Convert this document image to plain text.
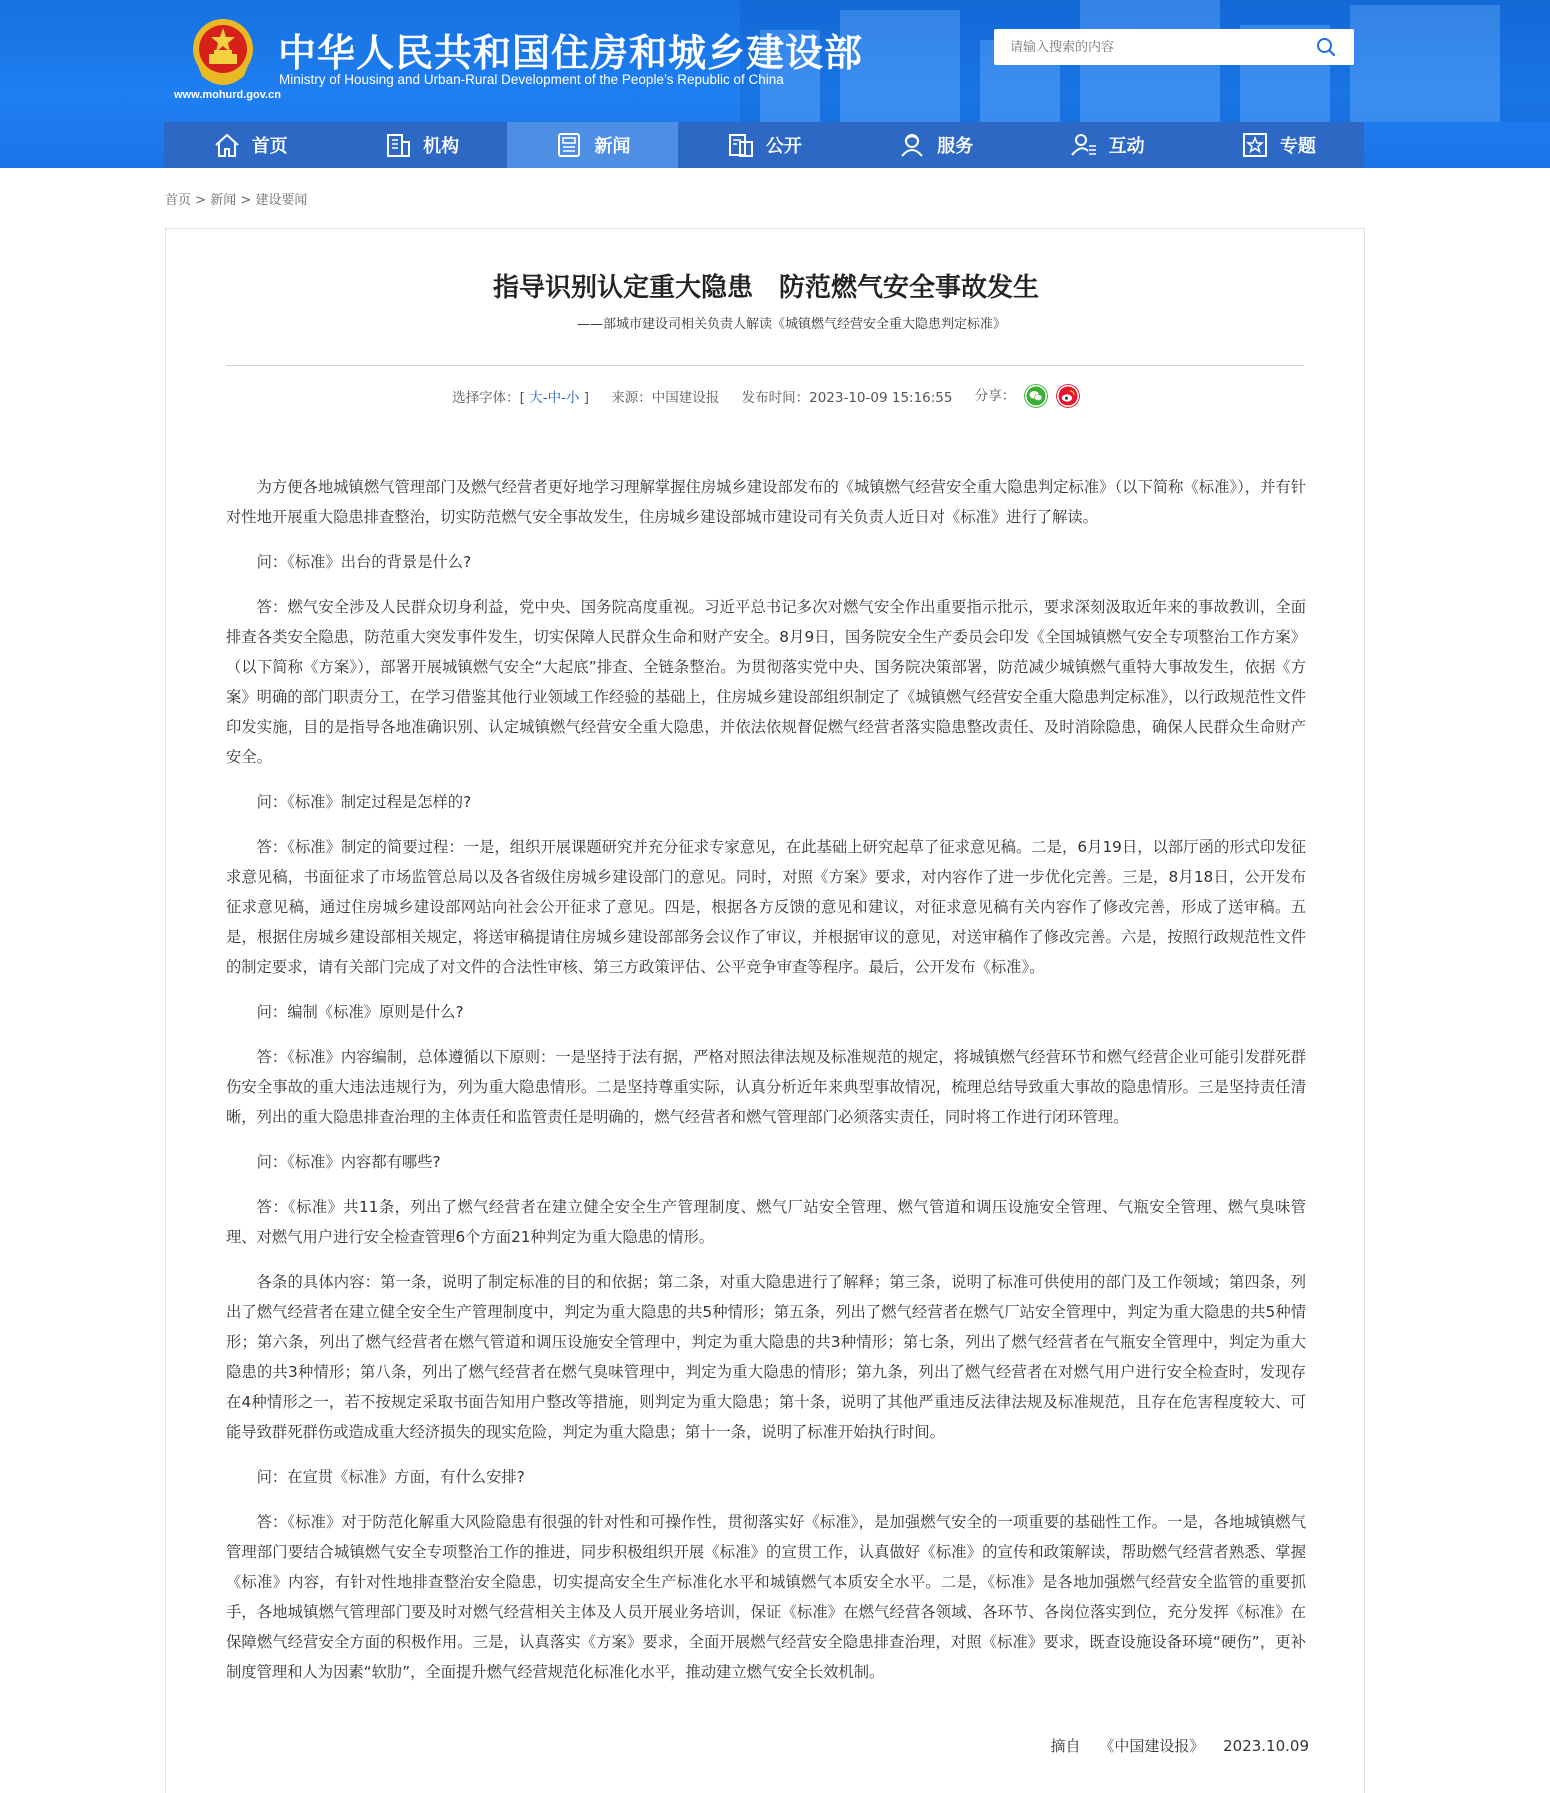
www.mohurd.gov.cn
中华人民共和国住房和城乡建设部
Ministry of Housing and Urban-Rural Development of the People’s Republic of China
请输入搜索的内容
首页	机构	新闻	公开	服务	互动	专题
首页 > 新闻 > 建设要闻
指导识别认定重大隐患　防范燃气安全事故发生
——部城市建设司相关负责人解读《城镇燃气经营安全重大隐患判定标准》
选择字体：[ 大-中-小 ] 来源：中国建设报 发布时间：2023-10-09 15:16:55 分享：

为方便各地城镇燃气管理部门及燃气经营者更好地学习理解掌握住房城乡建设部发布的《城镇燃气经营安全重大隐患判定标准》（以下简称《标准》），并有针对性地开展重大隐患排查整治，切实防范燃气安全事故发生，住房城乡建设部城市建设司有关负责人近日对《标准》进行了解读。

问：《标准》出台的背景是什么?

答：燃气安全涉及人民群众切身利益，党中央、国务院高度重视。习近平总书记多次对燃气安全作出重要指示批示，要求深刻汲取近年来的事故教训，全面排查各类安全隐患，防范重大突发事件发生，切实保障人民群众生命和财产安全。8月9日，国务院安全生产委员会印发《全国城镇燃气安全专项整治工作方案》（以下简称《方案》），部署开展城镇燃气安全“大起底”排查、全链条整治。为贯彻落实党中央、国务院决策部署，防范减少城镇燃气重特大事故发生，依据《方案》明确的部门职责分工，在学习借鉴其他行业领域工作经验的基础上，住房城乡建设部组织制定了《城镇燃气经营安全重大隐患判定标准》，以行政规范性文件印发实施，目的是指导各地准确识别、认定城镇燃气经营安全重大隐患，并依法依规督促燃气经营者落实隐患整改责任、及时消除隐患，确保人民群众生命财产安全。

问：《标准》制定过程是怎样的?

答：《标准》制定的简要过程：一是，组织开展课题研究并充分征求专家意见，在此基础上研究起草了征求意见稿。二是，6月19日，以部厅函的形式印发征求意见稿，书面征求了市场监管总局以及各省级住房城乡建设部门的意见。同时，对照《方案》要求，对内容作了进一步优化完善。三是，8月18日，公开发布征求意见稿，通过住房城乡建设部网站向社会公开征求了意见。四是，根据各方反馈的意见和建议，对征求意见稿有关内容作了修改完善，形成了送审稿。五是，根据住房城乡建设部相关规定，将送审稿提请住房城乡建设部部务会议作了审议，并根据审议的意见，对送审稿作了修改完善。六是，按照行政规范性文件的制定要求，请有关部门完成了对文件的合法性审核、第三方政策评估、公平竞争审查等程序。最后，公开发布《标准》。

问：编制《标准》原则是什么?

答：《标准》内容编制，总体遵循以下原则：一是坚持于法有据，严格对照法律法规及标准规范的规定，将城镇燃气经营环节和燃气经营企业可能引发群死群伤安全事故的重大违法违规行为，列为重大隐患情形。二是坚持尊重实际，认真分析近年来典型事故情况，梳理总结导致重大事故的隐患情形。三是坚持责任清晰，列出的重大隐患排查治理的主体责任和监管责任是明确的，燃气经营者和燃气管理部门必须落实责任，同时将工作进行闭环管理。

问：《标准》内容都有哪些?

答：《标准》共11条，列出了燃气经营者在建立健全安全生产管理制度、燃气厂站安全管理、燃气管道和调压设施安全管理、气瓶安全管理、燃气臭味管理、对燃气用户进行安全检查管理6个方面21种判定为重大隐患的情形。

各条的具体内容：第一条，说明了制定标准的目的和依据；第二条，对重大隐患进行了解释；第三条，说明了标准可供使用的部门及工作领域；第四条，列出了燃气经营者在建立健全安全生产管理制度中，判定为重大隐患的共5种情形；第五条，列出了燃气经营者在燃气厂站安全管理中，判定为重大隐患的共5种情形；第六条，列出了燃气经营者在燃气管道和调压设施安全管理中，判定为重大隐患的共3种情形；第七条，列出了燃气经营者在气瓶安全管理中，判定为重大隐患的共3种情形；第八条，列出了燃气经营者在燃气臭味管理中，判定为重大隐患的情形；第九条，列出了燃气经营者在对燃气用户进行安全检查时，发现存在4种情形之一，若不按规定采取书面告知用户整改等措施，则判定为重大隐患；第十条，说明了其他严重违反法律法规及标准规范，且存在危害程度较大、可能导致群死群伤或造成重大经济损失的现实危险，判定为重大隐患；第十一条，说明了标准开始执行时间。

问：在宣贯《标准》方面，有什么安排?

答：《标准》对于防范化解重大风险隐患有很强的针对性和可操作性，贯彻落实好《标准》，是加强燃气安全的一项重要的基础性工作。一是，各地城镇燃气管理部门要结合城镇燃气安全专项整治工作的推进，同步积极组织开展《标准》的宣贯工作，认真做好《标准》的宣传和政策解读，帮助燃气经营者熟悉、掌握《标准》内容，有针对性地排查整治安全隐患，切实提高安全生产标准化水平和城镇燃气本质安全水平。二是，《标准》是各地加强燃气经营安全监管的重要抓手，各地城镇燃气管理部门要及时对燃气经营相关主体及人员开展业务培训，保证《标准》在燃气经营各领域、各环节、各岗位落实到位，充分发挥《标准》在保障燃气经营安全方面的积极作用。三是，认真落实《方案》要求，全面开展燃气经营安全隐患排查治理，对照《标准》要求，既查设施设备环境“硬伤”，更补制度管理和人为因素“软肋”，全面提升燃气经营规范化标准化水平，推动建立燃气安全长效机制。

摘自 《中国建设报》 2023.10.09
